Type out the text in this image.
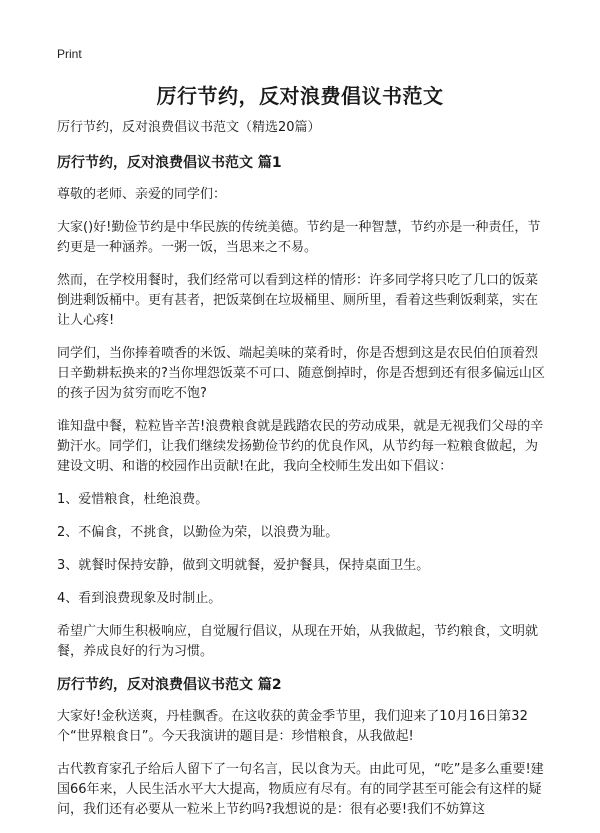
Print
厉行节约，反对浪费倡议书范文

厉行节约，反对浪费倡议书范文（精选20篇）

厉行节约，反对浪费倡议书范文 篇1

尊敬的老师、亲爱的同学们：

大家()好!勤俭节约是中华民族的传统美德。节约是一种智慧，节约亦是一种责任，节约更是一种涵养。一粥一饭，当思来之不易。

然而，在学校用餐时，我们经常可以看到这样的情形：许多同学将只吃了几口的饭菜倒进剩饭桶中。更有甚者，把饭菜倒在垃圾桶里、厕所里，看着这些剩饭剩菜，实在让人心疼!

同学们，当你捧着喷香的米饭、端起美味的菜肴时，你是否想到这是农民伯伯顶着烈日辛勤耕耘换来的?当你埋怨饭菜不可口、随意倒掉时，你是否想到还有很多偏远山区的孩子因为贫穷而吃不饱?

谁知盘中餐，粒粒皆辛苦!浪费粮食就是践踏农民的劳动成果，就是无视我们父母的辛勤汗水。同学们，让我们继续发扬勤俭节约的优良作风，从节约每一粒粮食做起，为建设文明、和谐的校园作出贡献!在此，我向全校师生发出如下倡议：

1、爱惜粮食，杜绝浪费。

2、不偏食，不挑食，以勤俭为荣，以浪费为耻。

3、就餐时保持安静，做到文明就餐，爱护餐具，保持桌面卫生。

4、看到浪费现象及时制止。

希望广大师生积极响应，自觉履行倡议，从现在开始，从我做起，节约粮食，文明就餐，养成良好的行为习惯。

厉行节约，反对浪费倡议书范文 篇2

大家好!金秋送爽，丹桂飘香。在这收获的黄金季节里，我们迎来了10月16日第32个“世界粮食日”。今天我演讲的题目是：珍惜粮食，从我做起!

古代教育家孔子给后人留下了一句名言，民以食为天。由此可见，“吃”是多么重要!建国66年来，人民生活水平大大提高，物质应有尽有。有的同学甚至可能会有这样的疑问，我们还有必要从一粒米上节约吗?我想说的是：很有必要!我们不妨算这
